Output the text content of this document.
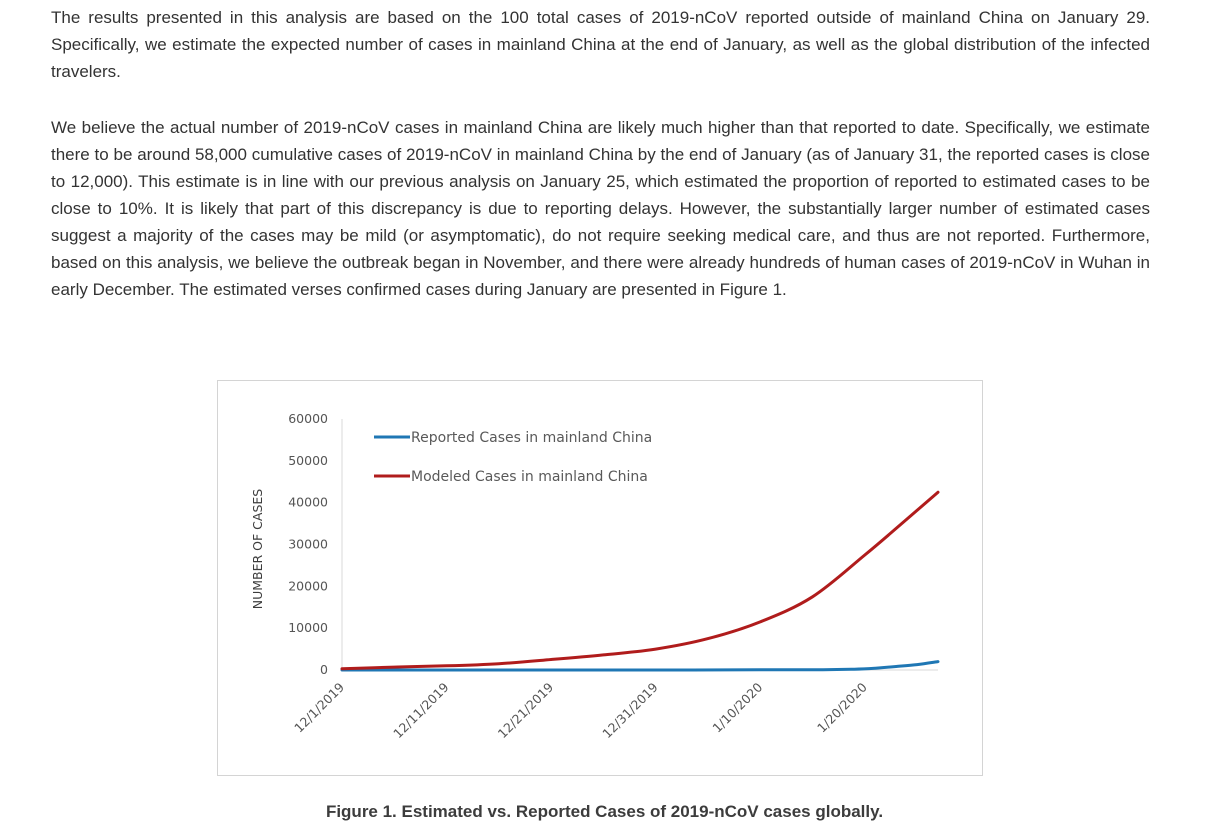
The results presented in this analysis are based on the 100 total cases of 2019-nCoV reported outside of mainland China on January 29. Specifically, we estimate the expected number of cases in mainland China at the end of January, as well as the global distribution of the infected travelers.

We believe the actual number of 2019-nCoV cases in mainland China are likely much higher than that reported to date. Specifically, we estimate there to be around 58,000 cumulative cases of 2019-nCoV in mainland China by the end of January (as of January 31, the reported cases is close to 12,000). This estimate is in line with our previous analysis on January 25, which estimated the proportion of reported to estimated cases to be close to 10%. It is likely that part of this discrepancy is due to reporting delays. However, the substantially larger number of estimated cases suggest a majority of the cases may be mild (or asymptomatic), do not require seeking medical care, and thus are not reported. Furthermore, based on this analysis, we believe the outbreak began in November, and there were already hundreds of human cases of 2019-nCoV in Wuhan in early December. The estimated verses confirmed cases during January are presented in Figure 1.

0
10000
20000
30000
40000
50000
60000
12/1/2019	12/11/2019	12/21/2019	12/31/2019	1/10/2020	1/20/2020
NUMBER OF CASES
Reported Cases in mainland China
Modeled Cases in mainland China

Figure 1. Estimated vs. Reported Cases of 2019-nCoV cases globally.
